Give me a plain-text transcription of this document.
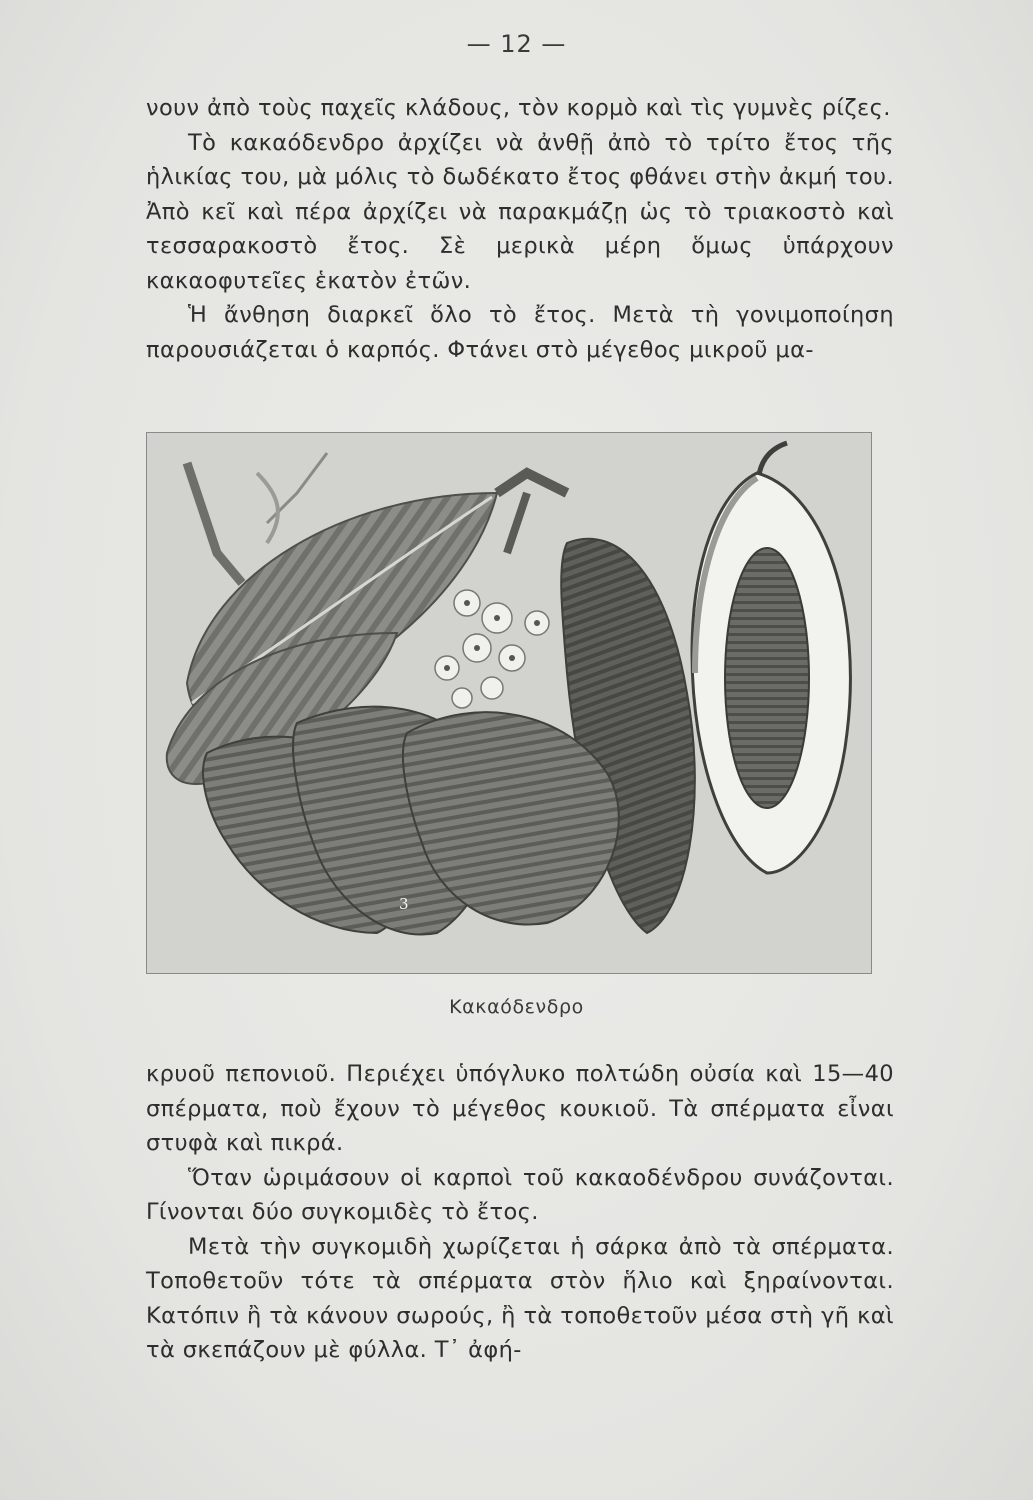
— 12 —

νουν ἀπὸ τοὺς παχεῖς κλάδους, τὸν κορμὸ καὶ τὶς γυμνὲς ρίζες.

Τὸ κακαόδενδρο ἀρχίζει νὰ ἀνθῇ ἀπὸ τὸ τρίτο ἔτος τῆς ἡλικίας του, μὰ μόλις τὸ δωδέκατο ἔτος φθάνει στὴν ἀκμή του. Ἀπὸ κεῖ καὶ πέρα ἀρχίζει νὰ παρακμάζῃ ὡς τὸ τριακοστὸ καὶ τεσσαρακοστὸ ἔτος. Σὲ μερικὰ μέρη ὅμως ὑπάρχουν κακαοφυτεῖες ἑκατὸν ἐτῶν.

Ἡ ἄνθηση διαρκεῖ ὅλο τὸ ἔτος. Μετὰ τὴ γονιμοποίηση παρουσιάζεται ὁ καρπός. Φτάνει στὸ μέγεθος μικροῦ μα-

3
Κακαόδενδρο

κρυοῦ πεπονιοῦ. Περιέχει ὑπόγλυκο πολτώδη οὐσία καὶ 15—40 σπέρματα, ποὺ ἔχουν τὸ μέγεθος κουκιοῦ. Τὰ σπέρματα εἶναι στυφὰ καὶ πικρά.

Ὅταν ὡριμάσουν οἱ καρποὶ τοῦ κακαοδένδρου συνάζονται. Γίνονται δύο συγκομιδὲς τὸ ἔτος.

Μετὰ τὴν συγκομιδὴ χωρίζεται ἡ σάρκα ἀπὸ τὰ σπέρματα. Τοποθετοῦν τότε τὰ σπέρματα στὸν ἥλιο καὶ ξηραίνονται. Κατόπιν ἢ τὰ κάνουν σωρούς, ἢ τὰ τοποθετοῦν μέσα στὴ γῆ καὶ τὰ σκεπάζουν μὲ φύλλα. Τ᾽ ἀφή-
